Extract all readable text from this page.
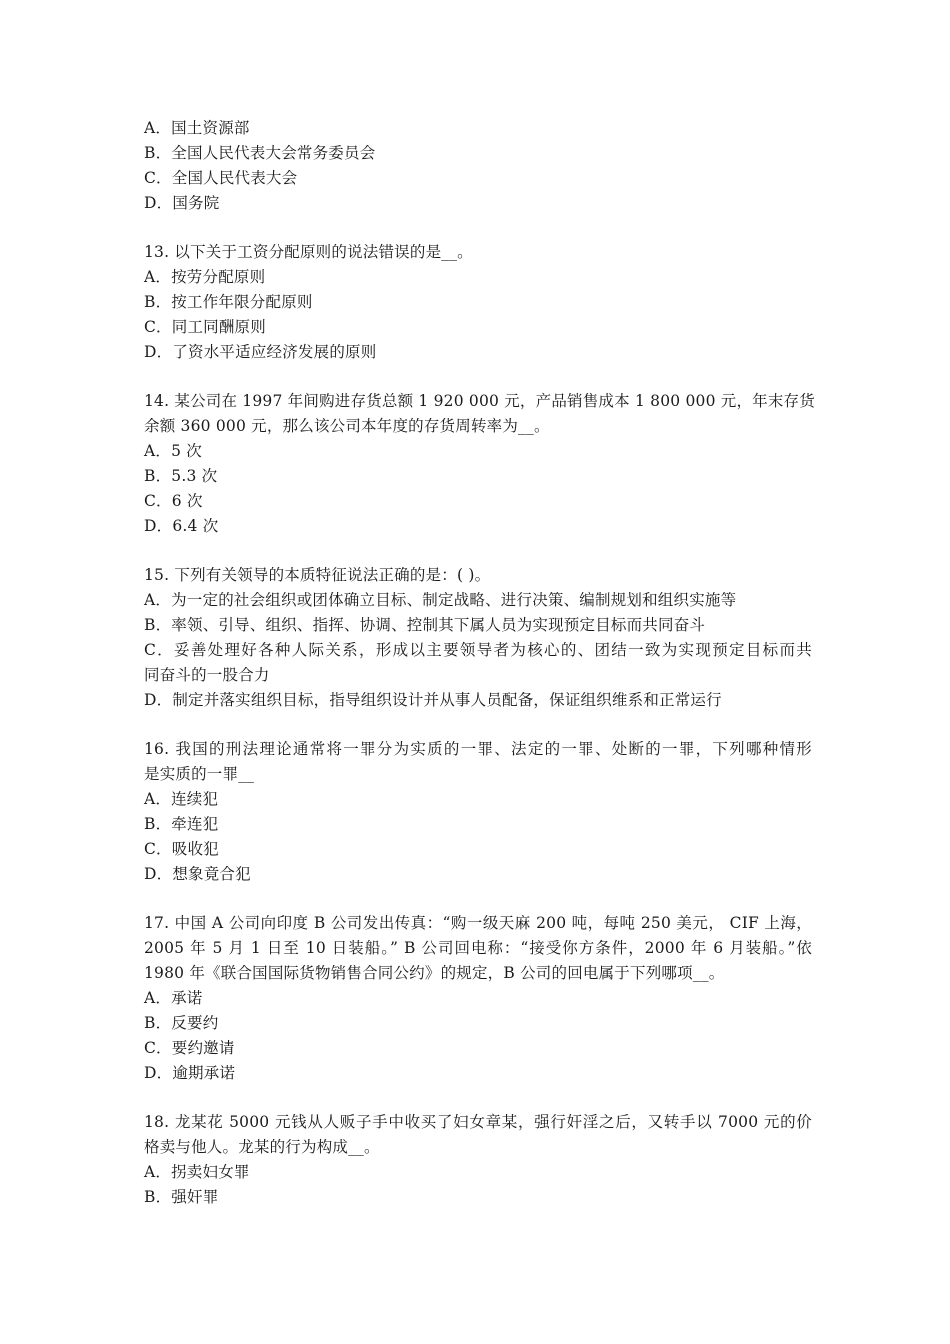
A．国土资源部
B．全国人民代表大会常务委员会
C．全国人民代表大会
D．国务院
13. 以下关于工资分配原则的说法错误的是__。
A．按劳分配原则
B．按工作年限分配原则
C．同工同酬原则
D．了资水平适应经济发展的原则
14. 某公司在 1997 年间购进存货总额 1 920 000 元，产品销售成本 1 800 000 元，年末存货
余额 360 000 元，那么该公司本年度的存货周转率为__。
A．5 次
B．5.3 次
C．6 次
D．6.4 次
15. 下列有关领导的本质特征说法正确的是：( )。
A．为一定的社会组织或团体确立目标、制定战略、进行决策、编制规划和组织实施等
B．率领、引导、组织、指挥、协调、控制其下属人员为实现预定目标而共同奋斗
C．妥善处理好各种人际关系，形成以主要领导者为核心的、团结一致为实现预定目标而共
同奋斗的一股合力
D．制定并落实组织目标，指导组织设计并从事人员配备，保证组织维系和正常运行
16. 我国的刑法理论通常将一罪分为实质的一罪、法定的一罪、处断的一罪，下列哪种情形
是实质的一罪__
A．连续犯
B．牵连犯
C．吸收犯
D．想象竟合犯
17. 中国 A 公司向印度 B 公司发出传真：“购一级天麻 200 吨，每吨 250 美元， CIF 上海，
2005 年 5 月 1 日至 10 日装船。” B 公司回电称：“接受你方条件，2000 年 6 月装船。”依
1980 年《联合国国际货物销售合同公约》的规定，B 公司的回电属于下列哪项__。
A．承诺
B．反要约
C．要约邀请
D．逾期承诺
18. 龙某花 5000 元钱从人贩子手中收买了妇女章某，强行奸淫之后，又转手以 7000 元的价
格卖与他人。龙某的行为构成__。
A．拐卖妇女罪
B．强奸罪
